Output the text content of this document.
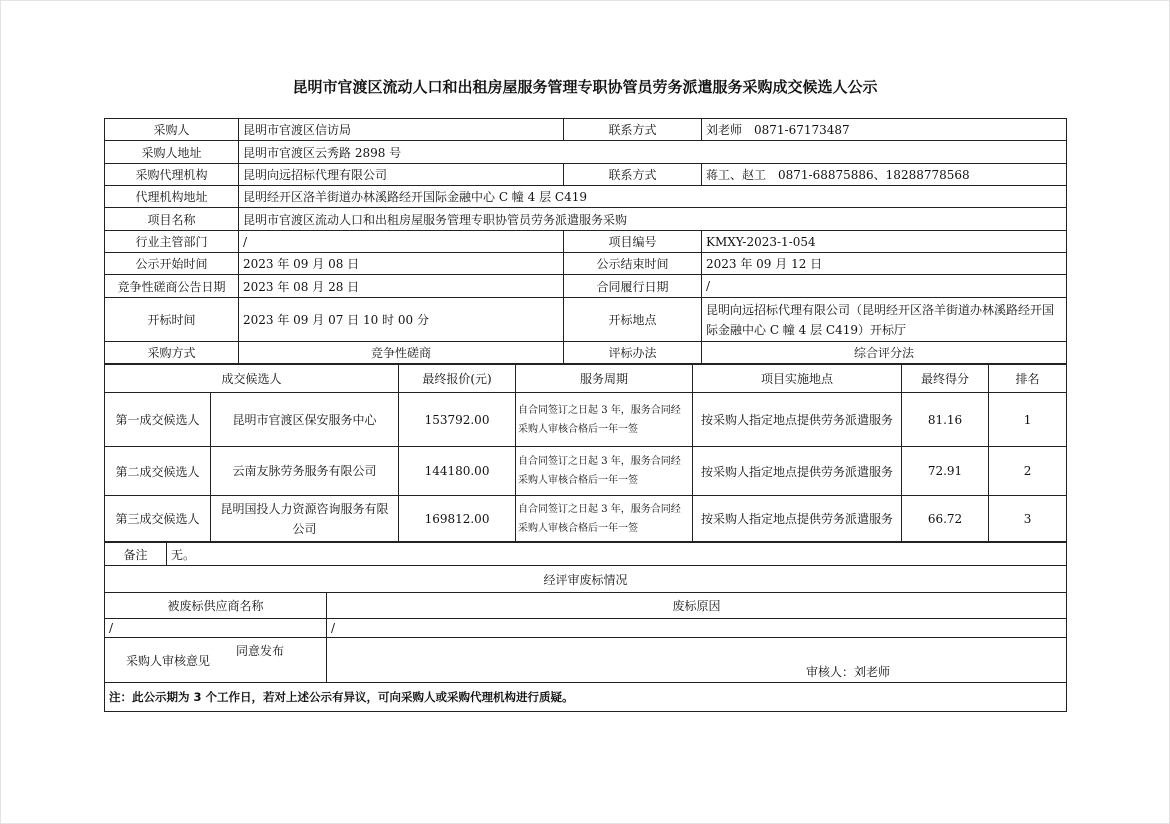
昆明市官渡区流动人口和出租房屋服务管理专职协管员劳务派遣服务采购成交候选人公示
采购人	昆明市官渡区信访局	联系方式	刘老师　0871-67173487
采购人地址	昆明市官渡区云秀路 2898 号		
采购代理机构	昆明向远招标代理有限公司	联系方式	蒋工、赵工　0871-68875886、18288778568
代理机构地址	昆明经开区洛羊街道办林溪路经开国际金融中心 C 幢 4 层 C419		
项目名称	昆明市官渡区流动人口和出租房屋服务管理专职协管员劳务派遣服务采购		
行业主管部门	/	项目编号	KMXY-2023-1-054
公示开始时间	2023 年 09 月 08 日	公示结束时间	2023 年 09 月 12 日
竞争性磋商公告日期	2023 年 08 月 28 日	合同履行日期	/
开标时间	2023 年 09 月 07 日 10 时 00 分	开标地点	昆明向远招标代理有限公司（昆明经开区洛羊街道办林溪路经开国际金融中心 C 幢 4 层 C419）开标厅
采购方式	竞争性磋商	评标办法	综合评分法
成交候选人		最终报价(元)	服务周期	项目实施地点	最终得分	排名
第一成交候选人	昆明市官渡区保安服务中心	153792.00	自合同签订之日起 3 年，服务合同经采购人审核合格后一年一签	按采购人指定地点提供劳务派遣服务	81.16	1
第二成交候选人	云南友脉劳务服务有限公司	144180.00	自合同签订之日起 3 年，服务合同经采购人审核合格后一年一签	按采购人指定地点提供劳务派遣服务	72.91	2
第三成交候选人	昆明国投人力资源咨询服务有限公司	169812.00	自合同签订之日起 3 年，服务合同经采购人审核合格后一年一签	按采购人指定地点提供劳务派遣服务	66.72	3
备注	无。
经评审废标情况
被废标供应商名称	废标原因
/	/
采购人审核意见	同意发布
审核人：刘老师

注：此公示期为 3 个工作日，若对上述公示有异议，可向采购人或采购代理机构进行质疑。
